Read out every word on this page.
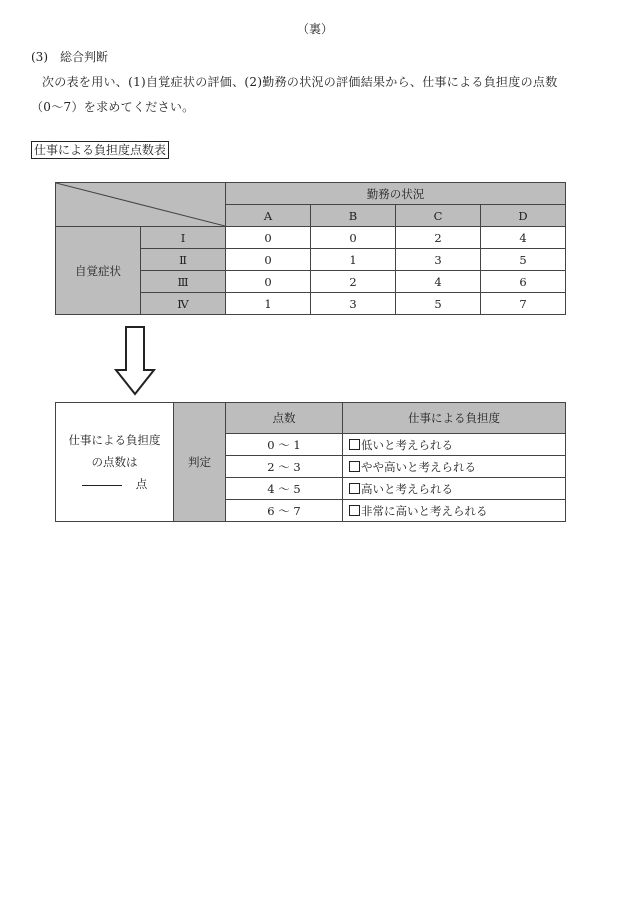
（裏）
(3)　総合判断
次の表を用い、(1)自覚症状の評価、(2)勤務の状況の評価結果から、仕事による負担度の点数
（0～7）を求めてください。
仕事による負担度点数表
	勤務の状況			
		A	B	C	D
自覚症状	Ⅰ	0	0	2	4
	Ⅱ	0	1	3	5
	Ⅲ	0	2	4	6
	Ⅳ	1	3	5	7
仕事による負担度
の点数は
点	判定	点数	仕事による負担度
		0 ～ 1	低いと考えられる
		2 ～ 3	やや高いと考えられる
		4 ～ 5	高いと考えられる
		6 ～ 7	非常に高いと考えられる
